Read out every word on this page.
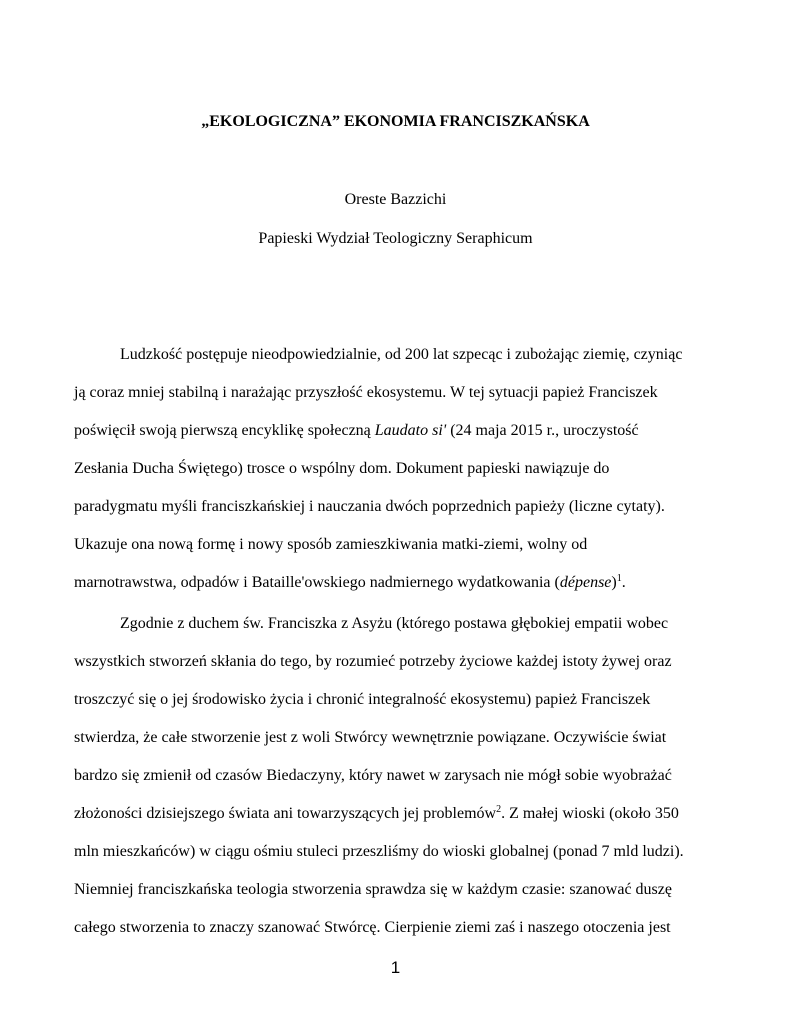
„EKOLOGICZNA” EKONOMIA FRANCISZKAŃSKA
Oreste Bazzichi
Papieski Wydział Teologiczny Seraphicum
Ludzkość postępuje nieodpowiedzialnie, od 200 lat szpecąc i zubożając ziemię, czyniąc
ją coraz mniej stabilną i narażając przyszłość ekosystemu. W tej sytuacji papież Franciszek
poświęcił swoją pierwszą encyklikę społeczną Laudato si' (24 maja 2015 r., uroczystość
Zesłania Ducha Świętego) trosce o wspólny dom. Dokument papieski nawiązuje do
paradygmatu myśli franciszkańskiej i nauczania dwóch poprzednich papieży (liczne cytaty).
Ukazuje ona nową formę i nowy sposób zamieszkiwania matki-ziemi, wolny od
marnotrawstwa, odpadów i Bataille'owskiego nadmiernego wydatkowania (dépense)$^1$.
Zgodnie z duchem św. Franciszka z Asyżu (którego postawa głębokiej empatii wobec
wszystkich stworzeń skłania do tego, by rozumieć potrzeby życiowe każdej istoty żywej oraz
troszczyć się o jej środowisko życia i chronić integralność ekosystemu) papież Franciszek
stwierdza, że całe stworzenie jest z woli Stwórcy wewnętrznie powiązane. Oczywiście świat
bardzo się zmienił od czasów Biedaczyny, który nawet w zarysach nie mógł sobie wyobrażać
złożoności dzisiejszego świata ani towarzyszących jej problemów$^2$. Z małej wioski (około 350
mln mieszkańców) w ciągu ośmiu stuleci przeszliśmy do wioski globalnej (ponad 7 mld ludzi).
Niemniej franciszkańska teologia stworzenia sprawdza się w każdym czasie: szanować duszę
całego stworzenia to znaczy szanować Stwórcę. Cierpienie ziemi zaś i naszego otoczenia jest
1
